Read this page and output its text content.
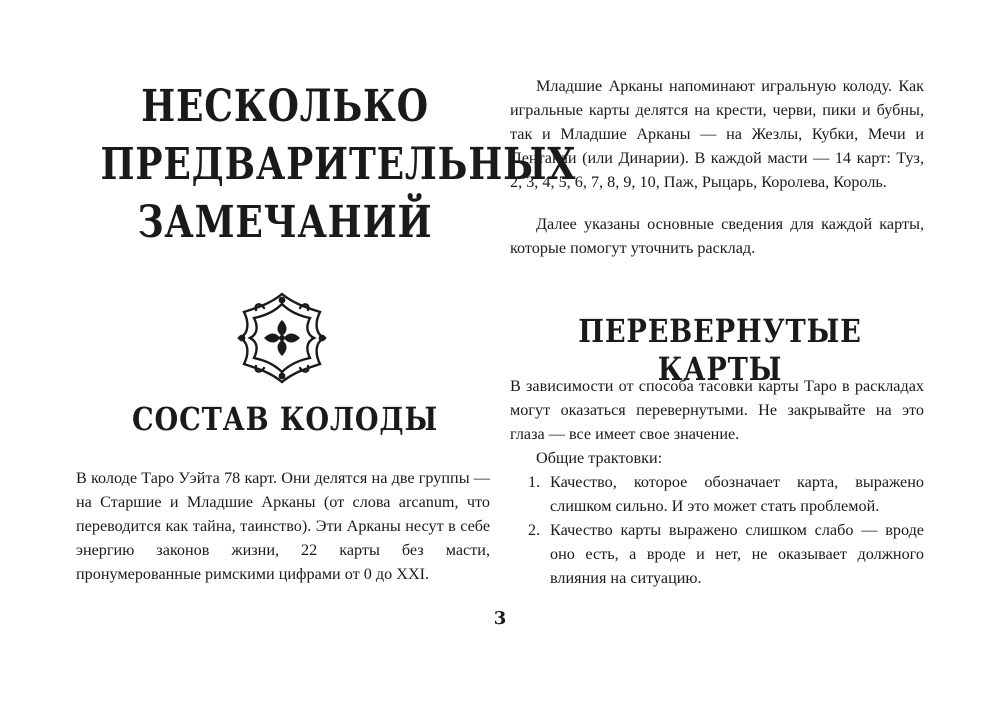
НЕСКОЛЬКО
ПРЕДВАРИТЕЛЬНЫХ
ЗАМЕЧАНИЙ
СОСТАВ КОЛОДЫ

В колоде Таро Уэйта 78 карт. Они делятся на две группы — на Старшие и Младшие Арканы (от слова arcanum, что переводится как тайна, таинство). Эти Арканы несут в себе энергию законов жизни, 22 карты без масти, пронумерованные римскими цифрами от 0 до XXI.

Младшие Арканы напоминают игральную колоду. Как игральные карты делятся на крести, черви, пики и бубны, так и Младшие Арканы — на Жезлы, Кубки, Мечи и Пентакли (или Динарии). В каждой масти — 14 карт: Туз, 2, 3, 4, 5, 6, 7, 8, 9, 10, Паж, Рыцарь, Королева, Король.

Далее указаны основные сведения для каждой карты, которые помогут уточнить расклад.

ПЕРЕВЕРНУТЫЕ КАРТЫ

В зависимости от способа тасовки карты Таро в раскладах могут оказаться перевернутыми. Не закрывайте на это глаза — все имеет свое значение.

Общие трактовки:

1. Качество, которое обозначает карта, выражено слишком сильно. И это может стать проблемой.
2. Качество карты выражено слишком слабо — вроде оно есть, а вроде и нет, не оказывает должного влияния на ситуацию.
3
